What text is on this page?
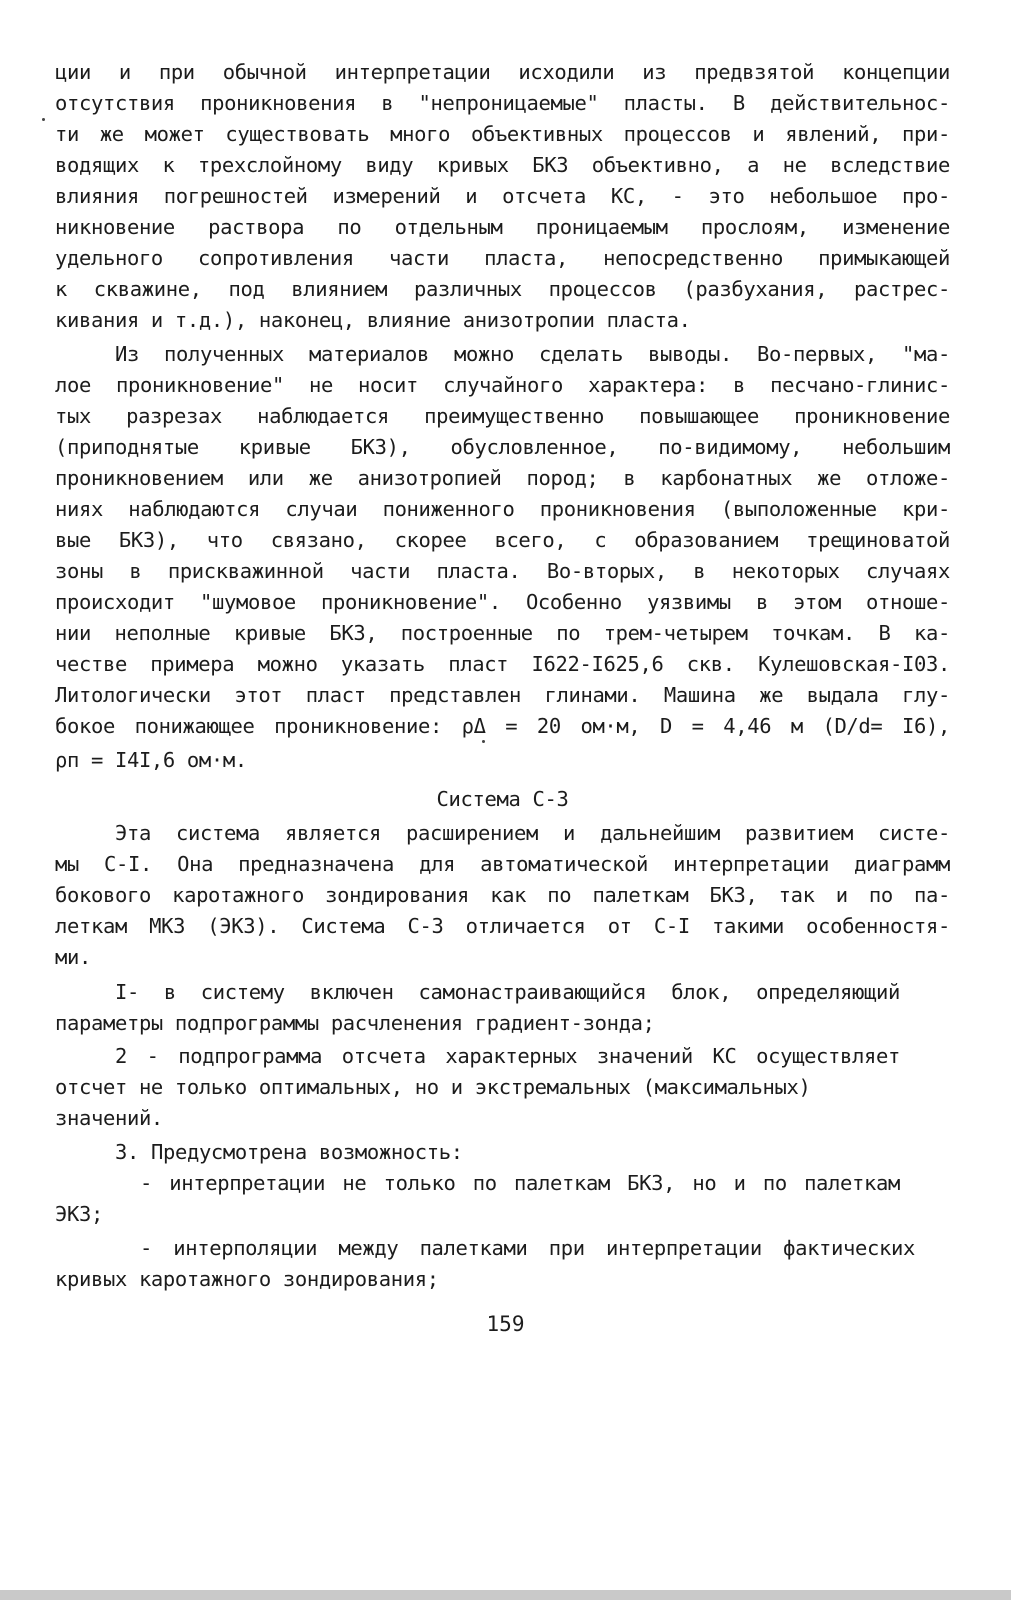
ции и при обычной интерпретации исходили из предвзятой концепции
отсутствия проникновения в "непроницаемые" пласты. В действительнос-
ти же может существовать много объективных процессов и явлений, при-
водящих к трехслойному виду кривых БКЗ объективно, а не вследствие
влияния погрешностей измерений и отсчета КС, - это небольшое про-
никновение раствора по отдельным проницаемым прослоям, изменение
удельного сопротивления части пласта, непосредственно примыкающей
к скважине, под влиянием различных процессов (разбухания, растрес-
кивания и т.д.), наконец, влияние анизотропии пласта.
Из полученных материалов можно сделать выводы. Во-первых, "ма-
лое проникновение" не носит случайного характера: в песчано-глинис-
тых разрезах наблюдается преимущественно повышающее проникновение
(приподнятые кривые БКЗ), обусловленное, по-видимому, небольшим
проникновением или же анизотропией пород; в карбонатных же отложе-
ниях наблюдаются случаи пониженного проникновения (выположенные кри-
вые БКЗ), что связано, скорее всего, с образованием трещиноватой
зоны в прискважинной части пласта. Во-вторых, в некоторых случаях
происходит "шумовое проникновение". Особенно уязвимы в этом отноше-
нии неполные кривые БКЗ, построенные по трем-четырем точкам. В ка-
честве примера можно указать пласт I622-I625,6 скв. Кулешовская-I03.
Литологически этот пласт представлен глинами. Машина же выдала глу-
бокое понижающее проникновение: ρΔ = 20 ом·м, D = 4,46 м (D/d= I6),
ρп = I4I,6 ом·м.
Система С-3
Эта система является расширением и дальнейшим развитием систе-
мы С-I. Она предназначена для автоматической интерпретации диаграмм
бокового каротажного зондирования как по палеткам БКЗ, так и по па-
леткам МКЗ (ЭКЗ). Система С-3 отличается от С-I такими особенностя-
ми.
I- в систему включен самонастраивающийся блок, определяющий
параметры подпрограммы расчленения градиент-зонда;
2 - подпрограмма отсчета характерных значений КС осуществляет
отсчет не только оптимальных, но и экстремальных (максимальных)
значений.
3. Предусмотрена возможность:
- интерпретации не только по палеткам БКЗ, но и по палеткам
ЭКЗ;
- интерполяции между палетками при интерпретации фактических
кривых каротажного зондирования;
159
